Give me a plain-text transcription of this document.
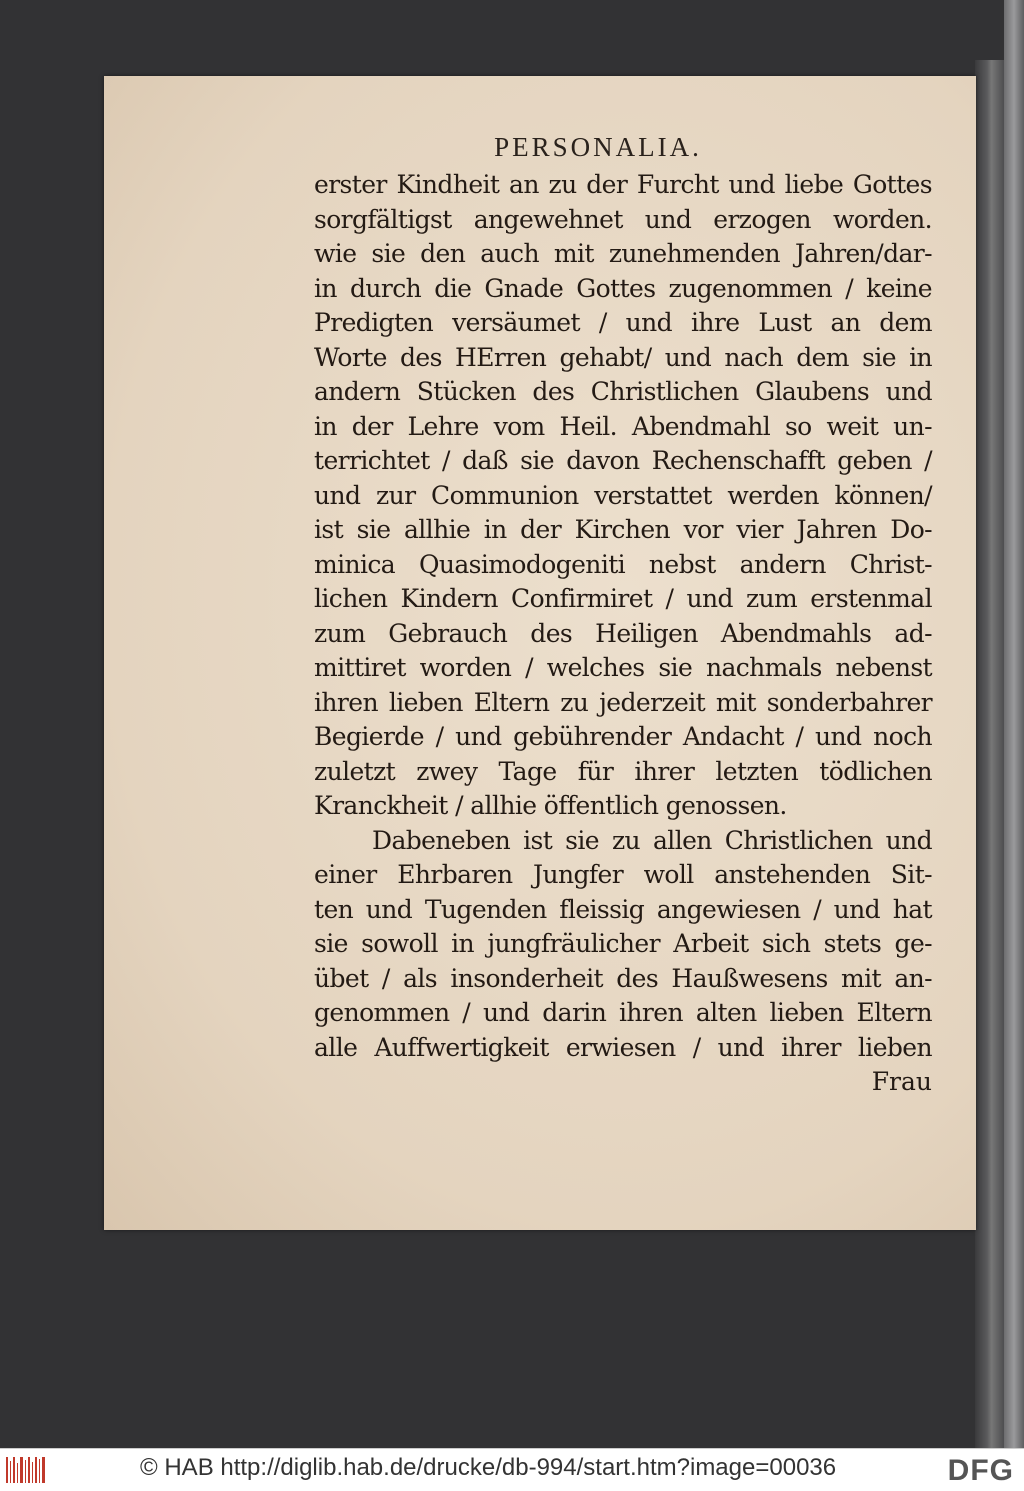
PERSONALIA.
erster Kindheit an zu der Furcht und liebe Gottes
sorgfältigst angewehnet und erzogen worden.
wie sie den auch mit zunehmenden Jahren/dar-
in durch die Gnade Gottes zugenommen / keine
Predigten versäumet / und ihre Lust an dem
Worte des HErren gehabt/ und nach dem sie in
andern Stücken des Christlichen Glaubens und
in der Lehre vom Heil. Abendmahl so weit un-
terrichtet / daß sie davon Rechenschafft geben /
und zur Communion verstattet werden können/
ist sie allhie in der Kirchen vor vier Jahren Do-
minica Quasimodogeniti nebst andern Christ-
lichen Kindern Confirmiret / und zum erstenmal
zum Gebrauch des Heiligen Abendmahls ad-
mittiret worden / welches sie nachmals nebenst
ihren lieben Eltern zu jederzeit mit sonderbahrer
Begierde / und gebührender Andacht / und noch
zuletzt zwey Tage für ihrer letzten tödlichen
Kranckheit / allhie öffentlich genossen.
Dabeneben ist sie zu allen Christlichen und
einer Ehrbaren Jungfer woll anstehenden Sit-
ten und Tugenden fleissig angewiesen / und hat
sie sowoll in jungfräulicher Arbeit sich stets ge-
übet / als insonderheit des Haußwesens mit an-
genommen / und darin ihren alten lieben Eltern
alle Auffwertigkeit erwiesen / und ihrer lieben
Frau
© HAB http://diglib.hab.de/drucke/db-994/start.htm?image=00036	DFG
